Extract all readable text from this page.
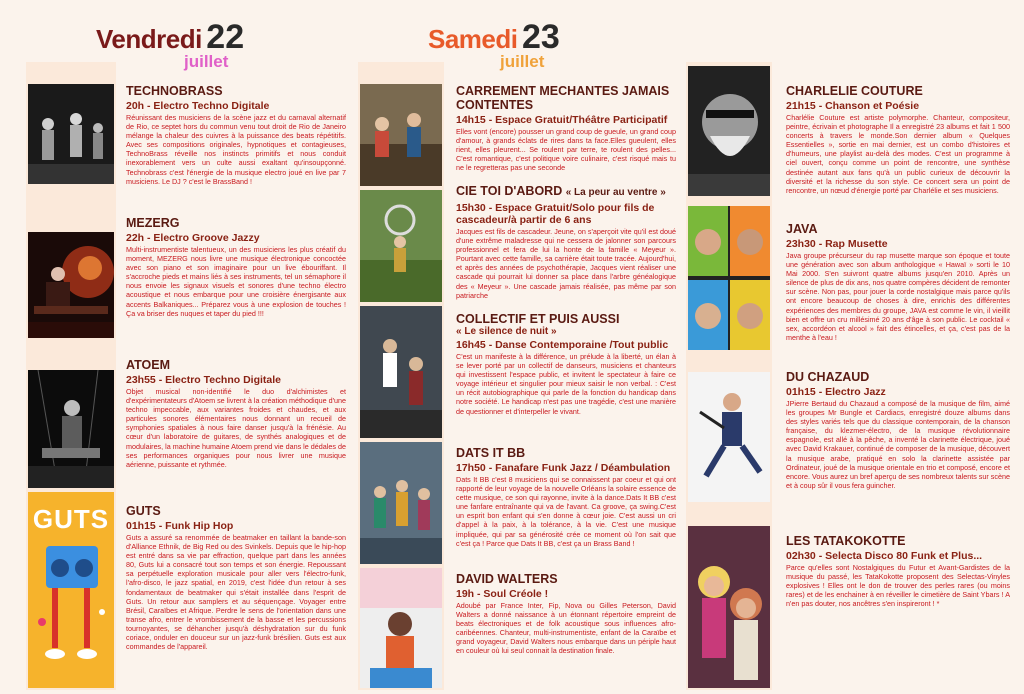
Vendredi 22
juillet
Samedi 23
juillet
GUTS
TECHNOBRASS
20h - Electro Techno Digitale

Réunissant des musiciens de la scène jazz et du carnaval alternatif de Rio, ce septet hors du commun venu tout droit de Rio de Janeiro mélange la chaleur des cuivres à la puissance des beats répétitifs. Avec ses compositions originales, hypnotiques et contagieuses, TechnoBrass réveille nos instincts primitifs et nous conduit inexorablement vers un culte aussi exaltant qu'insoupçonné. Technobrass c'est l'énergie de la musique electro joué en live par 7 musiciens. Le DJ ? c'est le BrassBand !

MEZERG
22h - Electro Groove Jazzy

Multi-instrumentiste talentueux, un des musiciens les plus créatif du moment, MEZERG nous livre une musique électronique concoctée avec son piano et son imaginaire pour un live ébouriffant. Il s'accroche pieds et mains liés à ses instruments, tel un sémaphore il nous envoie les signaux visuels et sonores d'une techno électro acoustique et nous embarque pour une croisière énergisante aux accents Balkaniques... Préparez vous à une explosion de touches ! Ça va briser des nuques et taper du pied !!!

ATOEM
23h55 - Electro Techno Digitale

Objet musical non-identifié le duo d'alchimistes et d'expérimentateurs d'Atoem se livrent à la création méthodique d'une techno impeccable, aux variantes froides et chaudes, et aux particules sonores élémentaires nous donnant un recueil de symphonies spatiales à nous faire danser jusqu'à la frénésie. Au cœur d'un laboratoire de guitares, de synthés analogiques et de modulaires, la machine humaine Atoem prend vie dans le dédales de ses performances organiques pour nous livrer une musique aérienne, puissante et rythmée.

GUTS
01h15 - Funk Hip Hop

Guts a assuré sa renommée de beatmaker en taillant la bande-son d'Alliance Ethnik, de Big Red ou des Svinkels. Depuis que le hip-hop est entré dans sa vie par effraction, quelque part dans les années 80, Guts lui a consacré tout son temps et son énergie. Repoussant sa perpétuelle exploration musicale pour aller vers l'électro-funk, l'afro-disco, le jazz spatial, en 2019, c'est l'idée d'un retour à ses fondamentaux de beatmaker qui s'était installée dans l'esprit de Guts. Un retour aux samplers et au séquençage. Voyager entre Brésil, Caraïbes et Afrique. Perdre le sens de l'orientation dans une transe afro, entrer le vrombissement de la basse et les percussions tournoyantes, se déhancher jusqu'à déshydratation sur du funk coriace, onduler en douceur sur un jazz-funk brésilien. Guts est aux commandes de l'appareil.

CARREMENT MECHANTES JAMAIS CONTENTES
14h15 - Espace Gratuit/Théâtre Participatif

Elles vont (encore) pousser un grand coup de gueule, un grand coup d'amour, à grands éclats de rires dans ta face.Elles gueulent, elles rient, elles pleurent... Se roulent par terre, te roulent des pelles... C'est romantique, c'est politique voire culinaire, c'est risqué mais tu ne le regretteras pas une seconde

CIE TOI D'ABORD « La peur au ventre »
15h30 - Espace Gratuit/Solo pour fils de cascadeur/à partir de 6 ans

Jacques est fils de cascadeur. Jeune, on s'aperçoit vite qu'il est doué d'une extrême maladresse qui ne cessera de jalonner son parcours professionnel et fera de lui la honte de la famille « Meyeur ». Pourtant avec cette famille, sa carrière était toute tracée. Aujourd'hui, et après des années de psychothérapie, Jacques vient réaliser une cascade qui pourrait lui donner sa place dans l'arbre généalogique des « Meyeur ». Une cascade jamais réalisée, pas même par son patriarche

COLLECTIF ET PUIS AUSSI
« Le silence de nuit »
16h45 - Danse Contemporaine /Tout public

C'est un manifeste à la différence, un prélude à la liberté, un élan à se lever porté par un collectif de danseurs, musiciens et chanteurs qui investissent l'espace public, et invitent le spectateur à faire ce voyage intérieur et singulier pour mieux saisir le non verbal. : C'est un récit autobiographique qui parle de la fonction du handicap dans notre société. Le handicap n'est pas une tragédie, c'est une manière de questionner et d'interpeller le vivant.

DATS IT BB
17h50 - Fanafare Funk Jazz / Déambulation

Dats It BB c'est 8 musiciens qui se connaissent par coeur et qui ont rapporté de leur voyage de la nouvelle Orléans la solaire essence de cette musique, ce son qui rayonne, invite à la dance.Dats It BB c'est une fanfare entraînante qui va de l'avant. Ca groove, ça swing.C'est un esprit bon enfant qui s'en donne à cœur joie. C'est aussi un cri d'appel à la paix, à la tolérance, à la vie. C'est une musique impliquée, qui par sa générosité crée ce moment où l'on sait que c'est ça ! Parce que Dats It BB, c'est ça un Brass Band !

DAVID WALTERS
19h - Soul Créole !

Adoubé par France Inter, Fip, Nova ou Gilles Peterson, David Walters a donné naissance à un étonnant répertoire empreint de beats électroniques et de folk acoustique sous influences afro-caribéennes. Chanteur, multi-instrumentiste, enfant de la Caraïbe et grand voyageur, David Walters nous embarque dans un périple haut en couleur où lui seul connait la destination finale.

CHARLELIE COUTURE
21h15 - Chanson et Poésie

Charlélie Couture est artiste polymorphe. Chanteur, compositeur, peintre, écrivain et photographe Il a enregistré 23 albums et fait 1 500 concerts à travers le monde.Son dernier album « Quelques Essentielles », sortie en mai dernier, est un combo d'histoires et d'humeurs, une playlist au-delà des modes. C'est un programme à ciel ouvert, conçu comme un point de rencontre, une synthèse destinée autant aux fans qu'à un public curieux de découvrir la diversité et la richesse du son style. Ce concert sera un point de rencontre, un nœud d'énergie porté par Charlélie et ses musiciens.

JAVA
23h30 - Rap Musette

Java groupe précurseur du rap musette marque son époque et toute une génération avec son album anthologique « Hawaï » sorti le 10 Mai 2000. S'en suivront quatre albums jusqu'en 2010. Après un silence de plus de dix ans, nos quatre compères décident de remonter sur scène. Non pas, pour jouer la corde nostalgique mais parce qu'ils ont encore beaucoup de choses à dire, enrichis des différentes expériences des membres du groupe, JAVA est comme le vin, il vieillit bien et offre un cru millésimé 20 ans d'âge à son public. Le cocktail « sex, accordéon et alcool » fait des étincelles, et ça, c'est pas de la menthe à l'eau !

DU CHAZAUD
01h15 - Electro Jazz

JPierre Bertaud du Chazaud a composé de la musique de film, aimé les groupes Mr Bungle et Cardiacs, enregistré douze albums dans des styles variés tels que du classique contemporain, de la chanson française, du klezmer-électro, de la musique révolutionnaire espagnole, est allé à la pêche, a inventé la clarinette électrique, joué avec David Krakauer, continué de composer de la musique, découvert la musique arabe, pratiqué en solo la clarinette assistée par Ordinateur, joué de la musique orientale en trio et composé, encore et encore. Vous aurez un bref aperçu de ses nombreux talents sur scène et à coup sûr il vous fera guincher.

LES TATAKOKOTTE
02h30 - Selecta Disco 80 Funk et Plus...

Parce qu'elles sont Nostalgiques du Futur et Avant-Gardistes de la musique du passé, les TataKokotte proposent des Selectas-Vinyles explosives ! Elles ont le don de trouver des perles rares (ou moins rares) et de les enchainer à en réveiller le cimetière de Saint Ybars ! A n'en pas douter, nos ancêtres s'en inspireront ! *
